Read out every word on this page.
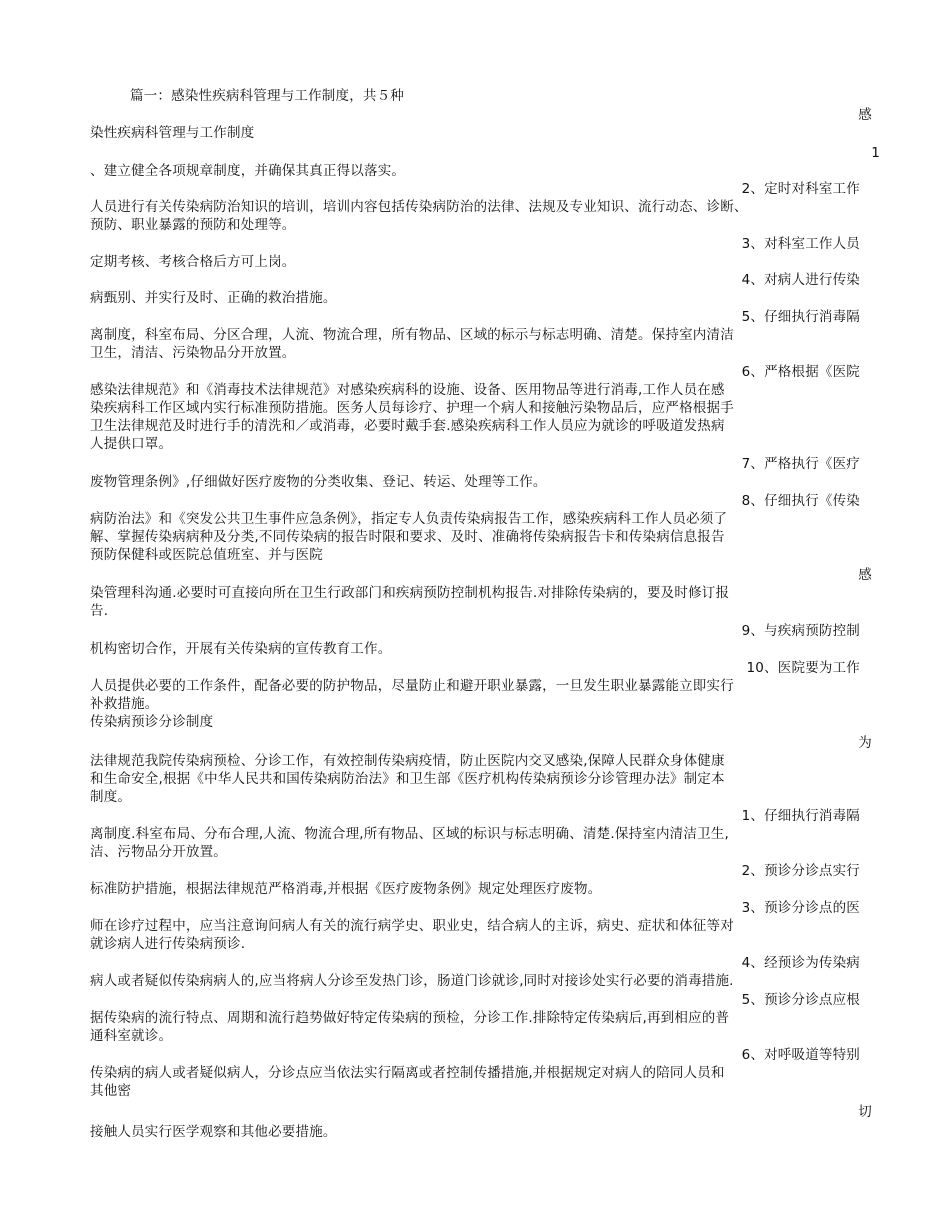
篇一：感染性疾病科管理与工作制度，共５种
感
染性疾病科管理与工作制度
1
、建立健全各项规章制度，并确保其真正得以落实。
2、定时对科室工作
人员进行有关传染病防治知识的培训，培训内容包括传染病防治的法律、法规及专业知识、流行动态、诊断、
预防、职业暴露的预防和处理等。
3、对科室工作人员
定期考核、考核合格后方可上岗。
4、对病人进行传染
病甄别、并实行及时、正确的救治措施。
5、仔细执行消毒隔
离制度，科室布局、分区合理，人流、物流合理，所有物品、区域的标示与标志明确、清楚。保持室内清洁
卫生，清洁、污染物品分开放置。
6、严格根据《医院
感染法律规范》和《消毒技术法律规范》对感染疾病科的设施、设备、医用物品等进行消毒,工作人员在感
染疾病科工作区域内实行标准预防措施。医务人员每诊疗、护理一个病人和接触污染物品后，应严格根据手
卫生法律规范及时进行手的清洗和／或消毒，必要时戴手套.感染疾病科工作人员应为就诊的呼吸道发热病
人提供口罩。
7、严格执行《医疗
废物管理条例》,仔细做好医疗废物的分类收集、登记、转运、处理等工作。
8、仔细执行《传染
病防治法》和《突发公共卫生事件应急条例》，指定专人负责传染病报告工作，感染疾病科工作人员必须了
解、掌握传染病病种及分类,不同传染病的报告时限和要求、及时、准确将传染病报告卡和传染病信息报告
预防保健科或医院总值班室、并与医院
感
染管理科沟通.必要时可直接向所在卫生行政部门和疾病预防控制机构报告.对排除传染病的，要及时修订报
告.
9、与疾病预防控制
机构密切合作，开展有关传染病的宣传教育工作。
10、医院要为工作
人员提供必要的工作条件，配备必要的防护物品，尽量防止和避开职业暴露，一旦发生职业暴露能立即实行
补救措施。
传染病预诊分诊制度
为
法律规范我院传染病预检、分诊工作，有效控制传染病疫情，防止医院内交叉感染,保障人民群众身体健康
和生命安全,根据《中华人民共和国传染病防治法》和卫生部《医疗机构传染病预诊分诊管理办法》制定本
制度。
1、仔细执行消毒隔
离制度.科室布局、分布合理,人流、物流合理,所有物品、区域的标识与标志明确、清楚.保持室内清洁卫生,
洁、污物品分开放置。
2、预诊分诊点实行
标准防护措施，根据法律规范严格消毒,并根据《医疗废物条例》规定处理医疗废物。
3、预诊分诊点的医
师在诊疗过程中，应当注意询问病人有关的流行病学史、职业史，结合病人的主诉，病史、症状和体征等对
就诊病人进行传染病预诊.
4、经预诊为传染病
病人或者疑似传染病病人的,应当将病人分诊至发热门诊，肠道门诊就诊,同时对接诊处实行必要的消毒措施.
5、预诊分诊点应根
据传染病的流行特点、周期和流行趋势做好特定传染病的预检，分诊工作.排除特定传染病后,再到相应的普
通科室就诊。
6、对呼吸道等特别
传染病的病人或者疑似病人，分诊点应当依法实行隔离或者控制传播措施,并根据规定对病人的陪同人员和
其他密
切
接触人员实行医学观察和其他必要措施。
